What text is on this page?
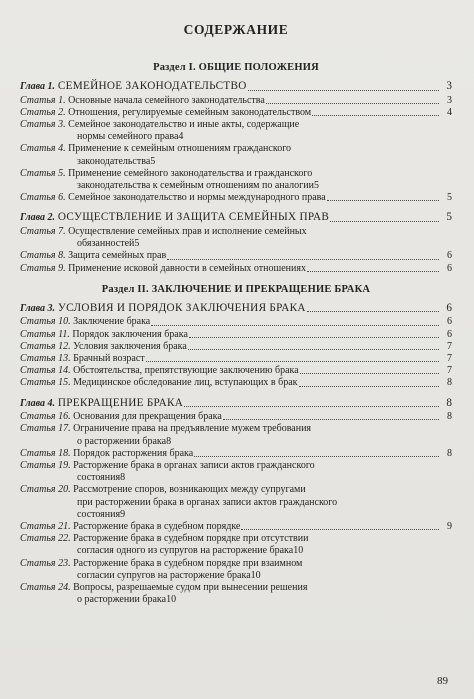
СОДЕРЖАНИЕ
Раздел I. ОБЩИЕ ПОЛОЖЕНИЯ
Глава 1. СЕМЕЙНОЕ ЗАКОНОДАТЕЛЬСТВО	3
Статья 1. Основные начала семейного законодательства	3
Статья 2. Отношения, регулируемые семейным законодательством	4
Статья 3. Семейное законодательство и иные акты, содержащие
нормы семейного права 4
Статья 4. Применение к семейным отношениям гражданского
законодательства 5
Статья 5. Применение семейного законодательства и гражданского
законодательства к семейным отношениям по аналогии 5
Статья 6. Семейное законодательство и нормы международного права	5
Глава 2. ОСУЩЕСТВЛЕНИЕ И ЗАЩИТА СЕМЕЙНЫХ ПРАВ	5
Статья 7. Осуществление семейных прав и исполнение семейных
обязанностей 5
Статья 8. Защита семейных прав	6
Статья 9. Применение исковой давности в семейных отношениях	6
Раздел II. ЗАКЛЮЧЕНИЕ И ПРЕКРАЩЕНИЕ БРАКА
Глава 3. УСЛОВИЯ И ПОРЯДОК ЗАКЛЮЧЕНИЯ БРАКА	6
Статья 10. Заключение брака	6
Статья 11. Порядок заключения брака	6
Статья 12. Условия заключения брака	7
Статья 13. Брачный возраст	7
Статья 14. Обстоятельства, препятствующие заключению брака	7
Статья 15. Медицинское обследование лиц, вступающих в брак	8
Глава 4. ПРЕКРАЩЕНИЕ БРАКА	8
Статья 16. Основания для прекращения брака	8
Статья 17. Ограничение права на предъявление мужем требования
о расторжении брака 8
Статья 18. Порядок расторжения брака	8
Статья 19. Расторжение брака в органах записи актов гражданского
состояния 8
Статья 20. Рассмотрение споров, возникающих между супругами
при расторжении брака в органах записи актов гражданского
состояния 9
Статья 21. Расторжение брака в судебном порядке	9
Статья 22. Расторжение брака в судебном порядке при отсутствии
согласия одного из супругов на расторжение брака 10
Статья 23. Расторжение брака в судебном порядке при взаимном
согласии супругов на расторжение брака 10
Статья 24. Вопросы, разрешаемые судом при вынесении решения
о расторжении брака 10
89
